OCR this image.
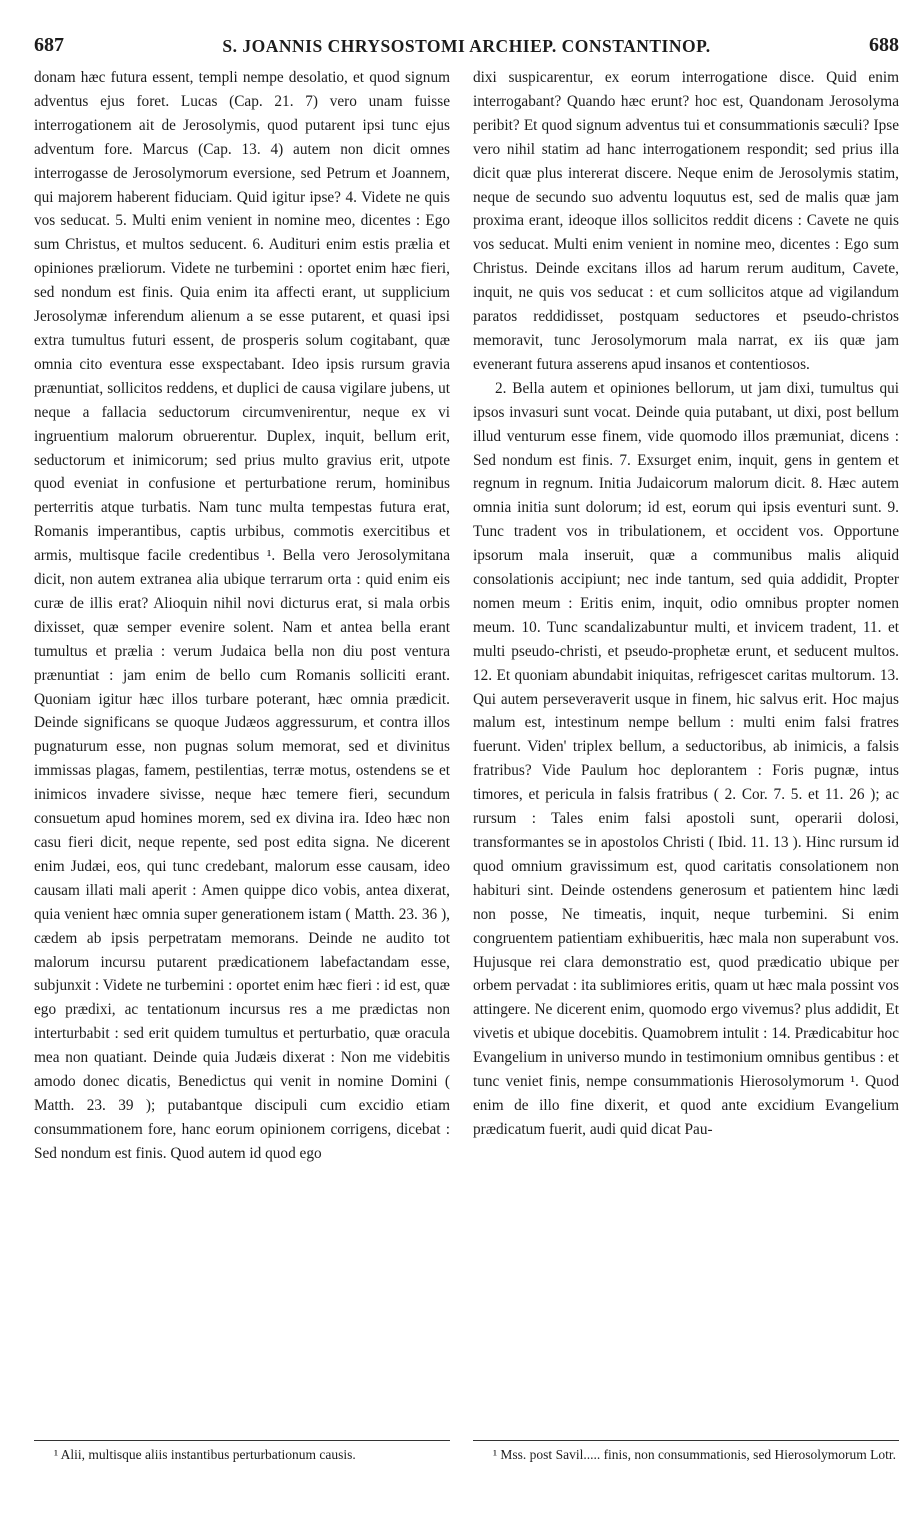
687	S. JOANNIS CHRYSOSTOMI ARCHIEP. CONSTANTINOP.	688

donam hæc futura essent, templi nempe desolatio, et quod signum adventus ejus foret. Lucas (Cap. 21. 7) vero unam fuisse interrogationem ait de Jerosolymis, quod putarent ipsi tunc ejus adventum fore. Marcus (Cap. 13. 4) autem non dicit omnes interrogasse de Jerosolymorum eversione, sed Petrum et Joannem, qui majorem haberent fiduciam. Quid igitur ipse? 4. Videte ne quis vos seducat. 5. Multi enim venient in nomine meo, dicentes : Ego sum Christus, et multos seducent. 6. Audituri enim estis prælia et opiniones præliorum. Videte ne turbemini : oportet enim hæc fieri, sed nondum est finis. Quia enim ita affecti erant, ut supplicium Jerosolymæ inferendum alienum a se esse putarent, et quasi ipsi extra tumultus futuri essent, de prosperis solum cogitabant, quæ omnia cito eventura esse exspectabant. Ideo ipsis rursum gravia prænuntiat, sollicitos reddens, et duplici de causa vigilare jubens, ut neque a fallacia seductorum circumvenirentur, neque ex vi ingruentium malorum obruerentur. Duplex, inquit, bellum erit, seductorum et inimicorum; sed prius multo gravius erit, utpote quod eveniat in confusione et perturbatione rerum, hominibus perterritis atque turbatis. Nam tunc multa tempestas futura erat, Romanis imperantibus, captis urbibus, commotis exercitibus et armis, multisque facile credentibus ¹. Bella vero Jerosolymitana dicit, non autem extranea alia ubique terrarum orta : quid enim eis curæ de illis erat? Alioquin nihil novi dicturus erat, si mala orbis dixisset, quæ semper evenire solent. Nam et antea bella erant tumultus et prælia : verum Judaica bella non diu post ventura prænuntiat : jam enim de bello cum Romanis solliciti erant. Quoniam igitur hæc illos turbare poterant, hæc omnia prædicit. Deinde significans se quoque Judæos aggressurum, et contra illos pugnaturum esse, non pugnas solum memorat, sed et divinitus immissas plagas, famem, pestilentias, terræ motus, ostendens se et inimicos invadere sivisse, neque hæc temere fieri, secundum consuetum apud homines morem, sed ex divina ira. Ideo hæc non casu fieri dicit, neque repente, sed post edita signa. Ne dicerent enim Judæi, eos, qui tunc credebant, malorum esse causam, ideo causam illati mali aperit : Amen quippe dico vobis, antea dixerat, quia venient hæc omnia super generationem istam ( Matth. 23. 36 ), cædem ab ipsis perpetratam memorans. Deinde ne audito tot malorum incursu putarent prædicationem labefactandam esse, subjunxit : Videte ne turbemini : oportet enim hæc fieri : id est, quæ ego prædixi, ac tentationum incursus res a me prædictas non interturbabit : sed erit quidem tumultus et perturbatio, quæ oracula mea non quatiant. Deinde quia Judæis dixerat : Non me videbitis amodo donec dicatis, Benedictus qui venit in nomine Domini ( Matth. 23. 39 ); putabantque discipuli cum excidio etiam consummationem fore, hanc eorum opinionem corrigens, dicebat : Sed nondum est finis. Quod autem id quod ego

dixi suspicarentur, ex eorum interrogatione disce. Quid enim interrogabant? Quando hæc erunt? hoc est, Quandonam Jerosolyma peribit? Et quod signum adventus tui et consummationis sæculi? Ipse vero nihil statim ad hanc interrogationem respondit; sed prius illa dicit quæ plus intererat discere. Neque enim de Jerosolymis statim, neque de secundo suo adventu loquutus est, sed de malis quæ jam proxima erant, ideoque illos sollicitos reddit dicens : Cavete ne quis vos seducat. Multi enim venient in nomine meo, dicentes : Ego sum Christus. Deinde excitans illos ad harum rerum auditum, Cavete, inquit, ne quis vos seducat : et cum sollicitos atque ad vigilandum paratos reddidisset, postquam seductores et pseudo-christos memoravit, tunc Jerosolymorum mala narrat, ex iis quæ jam evenerant futura asserens apud insanos et contentiosos.

2. Bella autem et opiniones bellorum, ut jam dixi, tumultus qui ipsos invasuri sunt vocat. Deinde quia putabant, ut dixi, post bellum illud venturum esse finem, vide quomodo illos præmuniat, dicens : Sed nondum est finis. 7. Exsurget enim, inquit, gens in gentem et regnum in regnum. Initia Judaicorum malorum dicit. 8. Hæc autem omnia initia sunt dolorum; id est, eorum qui ipsis eventuri sunt. 9. Tunc tradent vos in tribulationem, et occident vos. Opportune ipsorum mala inseruit, quæ a communibus malis aliquid consolationis accipiunt; nec inde tantum, sed quia addidit, Propter nomen meum : Eritis enim, inquit, odio omnibus propter nomen meum. 10. Tunc scandalizabuntur multi, et invicem tradent, 11. et multi pseudo-christi, et pseudo-prophetæ erunt, et seducent multos. 12. Et quoniam abundabit iniquitas, refrigescet caritas multorum. 13. Qui autem perseveraverit usque in finem, hic salvus erit. Hoc majus malum est, intestinum nempe bellum : multi enim falsi fratres fuerunt. Viden' triplex bellum, a seductoribus, ab inimicis, a falsis fratribus? Vide Paulum hoc deplorantem : Foris pugnæ, intus timores, et pericula in falsis fratribus ( 2. Cor. 7. 5. et 11. 26 ); ac rursum : Tales enim falsi apostoli sunt, operarii dolosi, transformantes se in apostolos Christi ( Ibid. 11. 13 ). Hinc rursum id quod omnium gravissimum est, quod caritatis consolationem non habituri sint. Deinde ostendens generosum et patientem hinc lædi non posse, Ne timeatis, inquit, neque turbemini. Si enim congruentem patientiam exhibueritis, hæc mala non superabunt vos. Hujusque rei clara demonstratio est, quod prædicatio ubique per orbem pervadat : ita sublimiores eritis, quam ut hæc mala possint vos attingere. Ne dicerent enim, quomodo ergo vivemus? plus addidit, Et vivetis et ubique docebitis. Quamobrem intulit : 14. Prædicabitur hoc Evangelium in universo mundo in testimonium omnibus gentibus : et tunc veniet finis, nempe consummationis Hierosolymorum ¹. Quod enim de illo fine dixerit, et quod ante excidium Evangelium prædicatum fuerit, audi quid dicat Pau-

¹ Alii, multisque aliis instantibus perturbationum causis.	¹ Mss. post Savil..... finis, non consummationis, sed Hierosolymorum Lotr.
